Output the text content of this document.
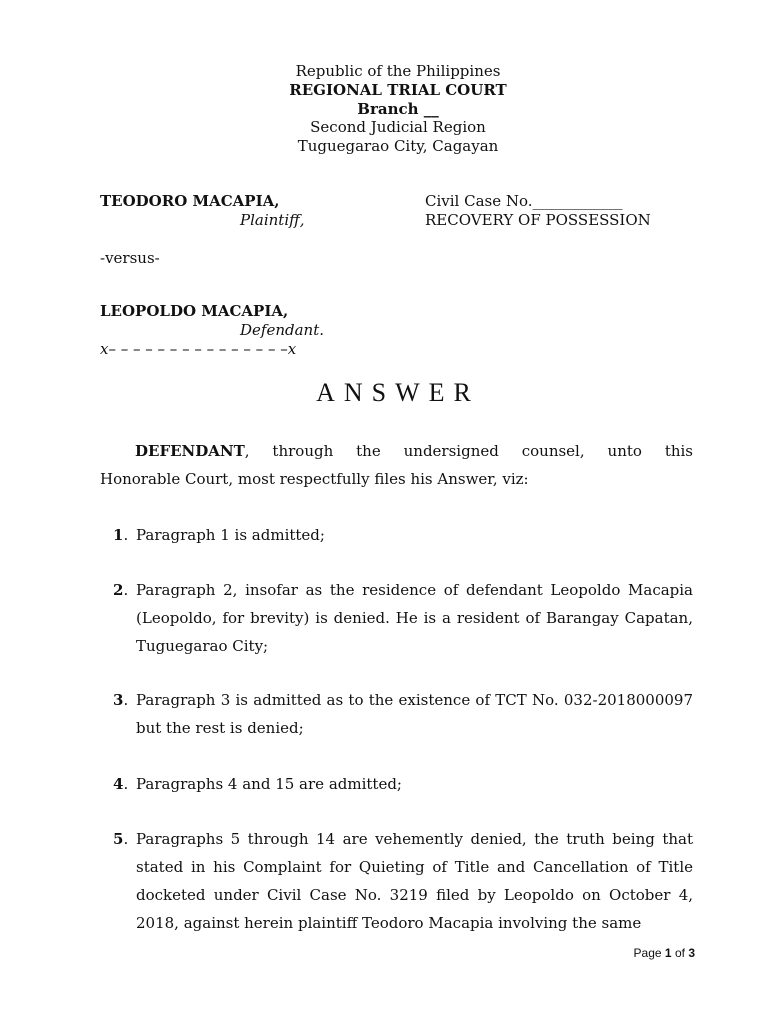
Republic of the Philippines
REGIONAL TRIAL COURT
Branch __
Second Judicial Region
Tuguegarao City, Cagayan
TEODORO MACAPIA,
Plaintiff,
Civil Case No.____________
RECOVERY OF POSSESSION
-versus-
LEOPOLDO MACAPIA,
Defendant.
x– – – – – – – – – – – – – – –x
ANSWER
DEFENDANT, through the undersigned counsel, unto this
Honorable Court, most respectfully files his Answer, viz:
1. Paragraph 1 is admitted;
2. Paragraph 2, insofar as the residence of defendant Leopoldo Macapia (Leopoldo, for brevity) is denied. He is a resident of Barangay Capatan, Tuguegarao City;
3. Paragraph 3 is admitted as to the existence of TCT No. 032-2018000097 but the rest is denied;
4. Paragraphs 4 and 15 are admitted;
5. Paragraphs 5 through 14 are vehemently denied, the truth being that stated in his Complaint for Quieting of Title and Cancellation of Title docketed under Civil Case No. 3219 filed by Leopoldo on October 4, 2018, against herein plaintiff Teodoro Macapia involving the same
Page 1 of 3
